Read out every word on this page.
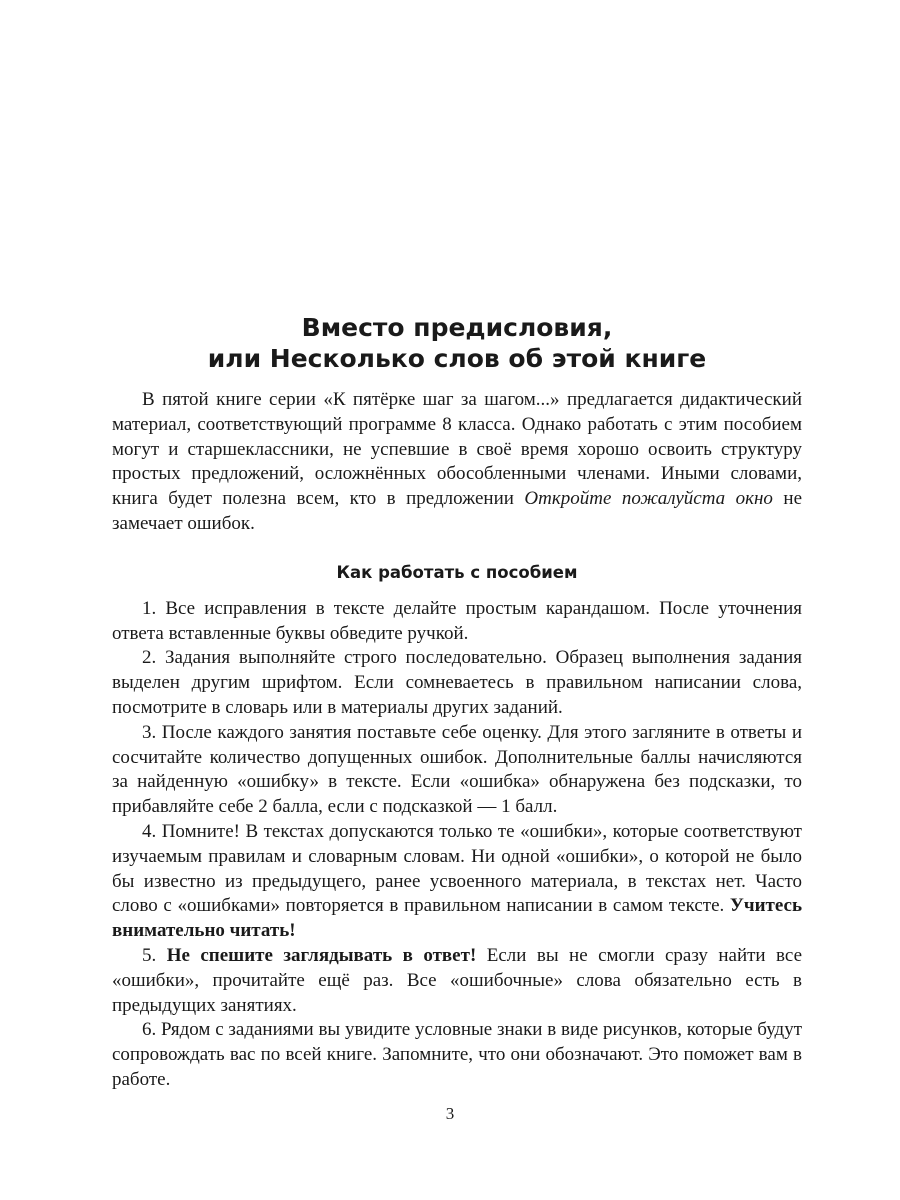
Вместо предисловия,
или Несколько слов об этой книге

В пятой книге серии «К пятёрке шаг за шагом...» предлагается дидактический материал, соответствующий программе 8 класса. Однако работать с этим пособием могут и старшеклассники, не успевшие в своё время хорошо освоить структуру простых предложений, осложнённых обособленными членами. Иными словами, книга будет полезна всем, кто в предложении Откройте пожалуйста окно не замечает ошибок.

Как работать с пособием

1. Все исправления в тексте делайте простым карандашом. После уточнения ответа вставленные буквы обведите ручкой.

2. Задания выполняйте строго последовательно. Образец выполнения задания выделен другим шрифтом. Если сомневаетесь в правильном написании слова, посмотрите в словарь или в материалы других заданий.

3. После каждого занятия поставьте себе оценку. Для этого загляните в ответы и сосчитайте количество допущенных ошибок. Дополнительные баллы начисляются за найденную «ошибку» в тексте. Если «ошибка» обнаружена без подсказки, то прибавляйте себе 2 балла, если с подсказкой — 1 балл.

4. Помните! В текстах допускаются только те «ошибки», которые соответствуют изучаемым правилам и словарным словам. Ни одной «ошибки», о которой не было бы известно из предыдущего, ранее усвоенного материала, в текстах нет. Часто слово с «ошибками» повторяется в правильном написании в самом тексте. Учитесь внимательно читать!

5. Не спешите заглядывать в ответ! Если вы не смогли сразу найти все «ошибки», прочитайте ещё раз. Все «ошибочные» слова обязательно есть в предыдущих занятиях.

6. Рядом с заданиями вы увидите условные знаки в виде рисунков, которые будут сопровождать вас по всей книге. Запомните, что они обозначают. Это поможет вам в работе.

3
